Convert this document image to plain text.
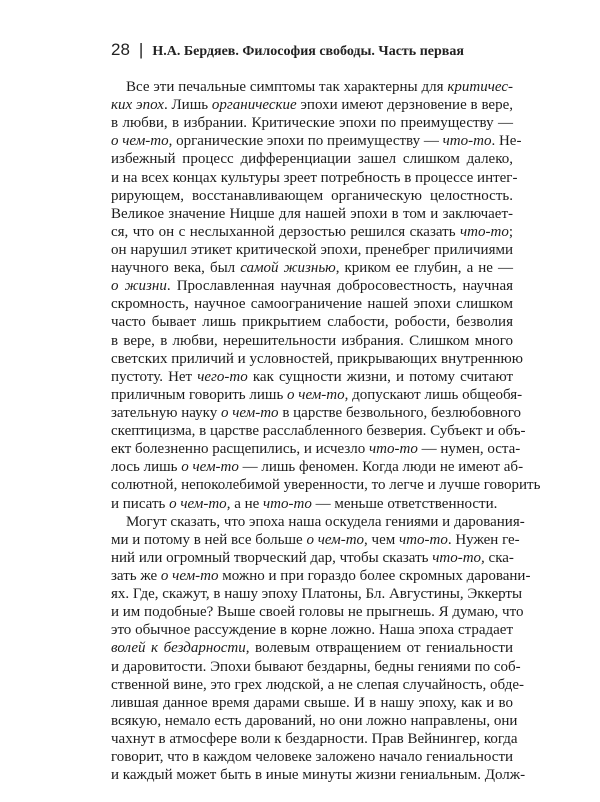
28 | Н.А. Бердяев. Философия свободы. Часть первая
Все эти печальные симптомы так характерны для критичес-
ких эпох. Лишь органические эпохи имеют дерзновение в вере,
в любви, в избрании. Критические эпохи по преимуществу —
о чем-то, органические эпохи по преимуществу — что-то. Не-
избежный процесс дифференциации зашел слишком далеко,
и на всех концах культуры зреет потребность в процессе интег-
рирующем, восстанавливающем органическую целостность.
Великое значение Ницше для нашей эпохи в том и заключает-
ся, что он с неслыханной дерзостью решился сказать что-то;
он нарушил этикет критической эпохи, пренебрег приличиями
научного века, был самой жизнью, криком ее глубин, а не —
о жизни. Прославленная научная добросовестность, научная
скромность, научное самоограничение нашей эпохи слишком
часто бывает лишь прикрытием слабости, робости, безволия
в вере, в любви, нерешительности избрания. Слишком много
светских приличий и условностей, прикрывающих внутреннюю
пустоту. Нет чего-то как сущности жизни, и потому считают
приличным говорить лишь о чем-то, допускают лишь общеобя-
зательную науку о чем-то в царстве безвольного, безлюбовного
скептицизма, в царстве расслабленного безверия. Субъект и объ-
ект болезненно расщепились, и исчезло что-то — нумен, оста-
лось лишь о чем-то — лишь феномен. Когда люди не имеют аб-
солютной, непоколебимой уверенности, то легче и лучше говорить
и писать о чем-то, а не что-то — меньше ответственности.
Могут сказать, что эпоха наша оскудела гениями и дарования-
ми и потому в ней все больше о чем-то, чем что-то. Нужен ге-
ний или огромный творческий дар, чтобы сказать что-то, ска-
зать же о чем-то можно и при гораздо более скромных даровани-
ях. Где, скажут, в нашу эпоху Платоны, Бл. Августины, Эккерты
и им подобные? Выше своей головы не прыгнешь. Я думаю, что
это обычное рассуждение в корне ложно. Наша эпоха страдает
волей к бездарности, волевым отвращением от гениальности
и даровитости. Эпохи бывают бездарны, бедны гениями по соб-
ственной вине, это грех людской, а не слепая случайность, обде-
лившая данное время дарами свыше. И в нашу эпоху, как и во
всякую, немало есть дарований, но они ложно направлены, они
чахнут в атмосфере воли к бездарности. Прав Вейнингер, когда
говорит, что в каждом человеке заложено начало гениальности
и каждый может быть в иные минуты жизни гениальным. Долж-
